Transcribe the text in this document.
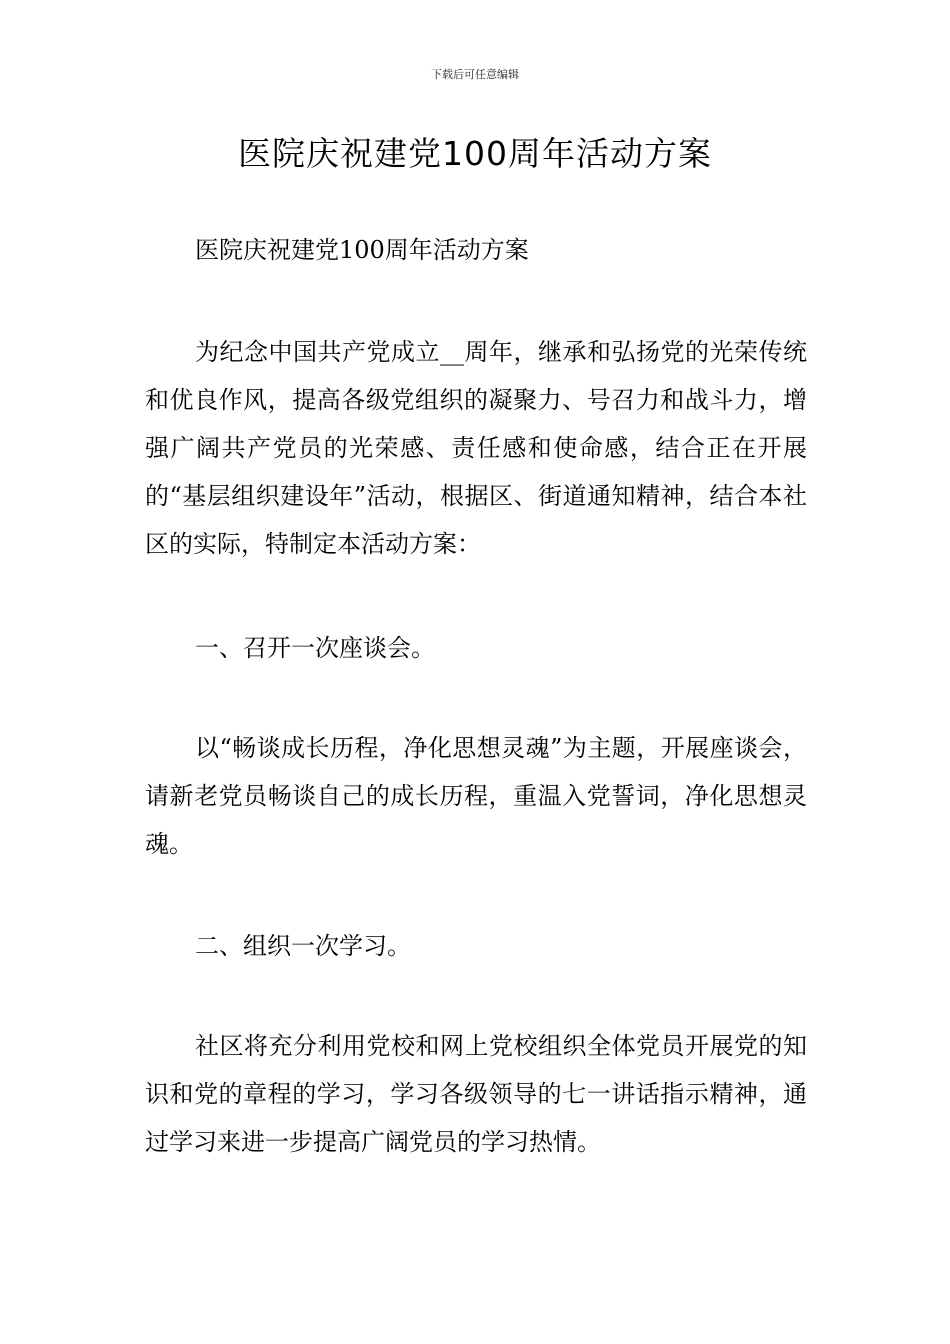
下载后可任意编辑
医院庆祝建党100周年活动方案

医院庆祝建党100周年活动方案

为纪念中国共产党成立__周年，继承和弘扬党的光荣传统和优良作风，提高各级党组织的凝聚力、号召力和战斗力，增强广阔共产党员的光荣感、责任感和使命感，结合正在开展的“基层组织建设年”活动，根据区、街道通知精神，结合本社区的实际，特制定本活动方案：

一、召开一次座谈会。

以“畅谈成长历程，净化思想灵魂”为主题，开展座谈会，请新老党员畅谈自己的成长历程，重温入党誓词，净化思想灵魂。

二、组织一次学习。

社区将充分利用党校和网上党校组织全体党员开展党的知识和党的章程的学习，学习各级领导的七一讲话指示精神，通过学习来进一步提高广阔党员的学习热情。
